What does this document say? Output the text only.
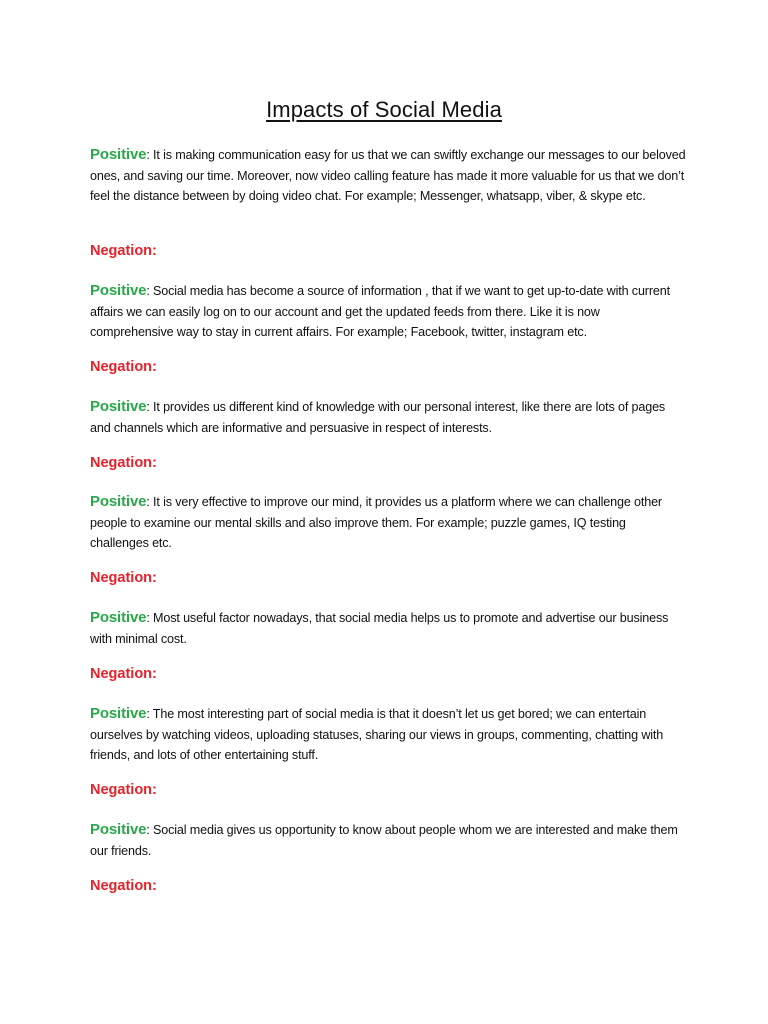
Impacts of Social Media

Positive: It is making communication easy for us that we can swiftly exchange our messages to our beloved ones, and saving our time. Moreover, now video calling feature has made it more valuable for us that we don’t feel the distance between by doing video chat. For example; Messenger, whatsapp, viber, & skype etc.

Negation:

Positive: Social media has become a source of information , that if we want to get up-to-date with current affairs we can easily log on to our account and get the updated feeds from there. Like it is now comprehensive way to stay in current affairs. For example; Facebook, twitter, instagram etc.

Negation:

Positive: It provides us different kind of knowledge with our personal interest, like there are lots of pages and channels which are informative and persuasive in respect of interests.

Negation:

Positive: It is very effective to improve our mind, it provides us a platform where we can challenge other people to examine our mental skills and also improve them. For example; puzzle games, IQ testing challenges etc.

Negation:

Positive: Most useful factor nowadays, that social media helps us to promote and advertise our business with minimal cost.

Negation:

Positive: The most interesting part of social media is that it doesn’t let us get bored; we can entertain ourselves by watching videos, uploading statuses, sharing our views in groups, commenting, chatting with friends, and lots of other entertaining stuff.

Negation:

Positive: Social media gives us opportunity to know about people whom we are interested and make them our friends.

Negation:
